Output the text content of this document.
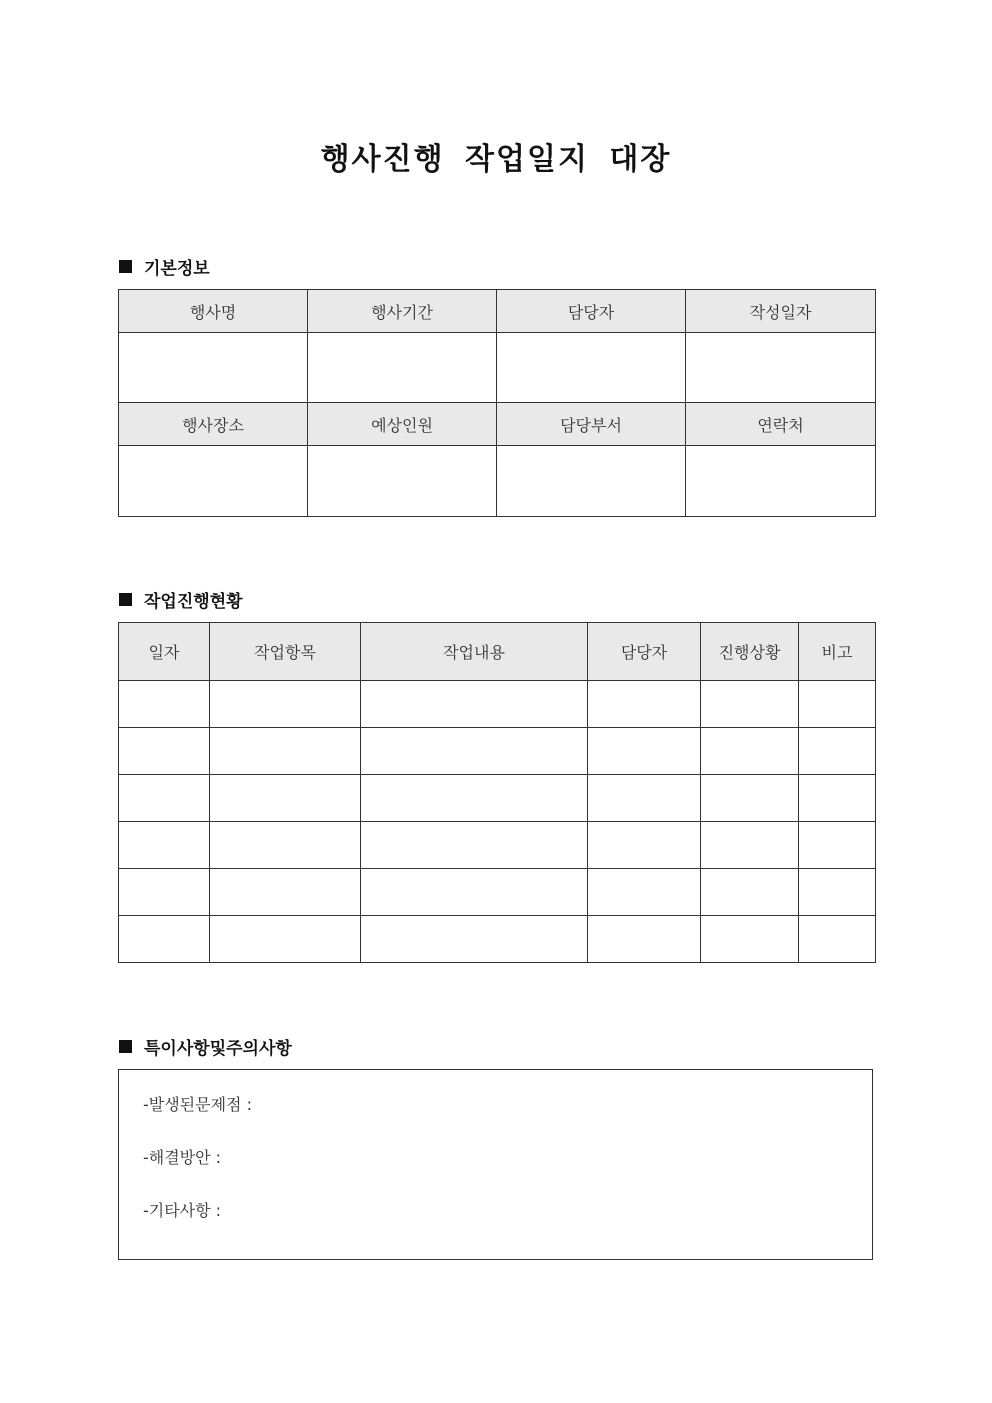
행사진행 작업일지 대장
기본정보
행사명	행사기간	담당자	작성일자

행사장소	예상인원	담당부서	연락처

작업진행현황
일자	작업항목	작업내용	담당자	진행상황	비고

특이사항및주의사항
-발생된문제점 :
-해결방안 :
-기타사항 :
